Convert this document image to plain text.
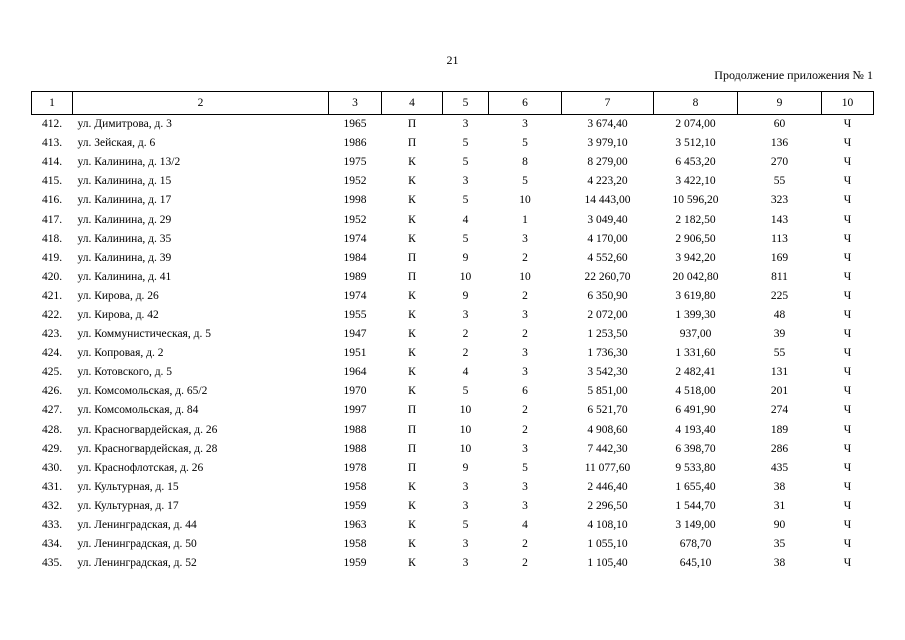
21
Продолжение приложения № 1
1	2	3	4	5	6	7	8	9	10
412.	ул. Димитрова, д. 3	1965	П	3	3	3 674,40	2 074,00	60	Ч
413.	ул. Зейская, д. 6	1986	П	5	5	3 979,10	3 512,10	136	Ч
414.	ул. Калинина, д. 13/2	1975	К	5	8	8 279,00	6 453,20	270	Ч
415.	ул. Калинина, д. 15	1952	К	3	5	4 223,20	3 422,10	55	Ч
416.	ул. Калинина, д. 17	1998	К	5	10	14 443,00	10 596,20	323	Ч
417.	ул. Калинина, д. 29	1952	К	4	1	3 049,40	2 182,50	143	Ч
418.	ул. Калинина, д. 35	1974	К	5	3	4 170,00	2 906,50	113	Ч
419.	ул. Калинина, д. 39	1984	П	9	2	4 552,60	3 942,20	169	Ч
420.	ул. Калинина, д. 41	1989	П	10	10	22 260,70	20 042,80	811	Ч
421.	ул. Кирова, д. 26	1974	К	9	2	6 350,90	3 619,80	225	Ч
422.	ул. Кирова, д. 42	1955	К	3	3	2 072,00	1 399,30	48	Ч
423.	ул. Коммунистическая, д. 5	1947	К	2	2	1 253,50	937,00	39	Ч
424.	ул. Копровая, д. 2	1951	К	2	3	1 736,30	1 331,60	55	Ч
425.	ул. Котовского, д. 5	1964	К	4	3	3 542,30	2 482,41	131	Ч
426.	ул. Комсомольская, д. 65/2	1970	К	5	6	5 851,00	4 518,00	201	Ч
427.	ул. Комсомольская, д. 84	1997	П	10	2	6 521,70	6 491,90	274	Ч
428.	ул. Красногвардейская, д. 26	1988	П	10	2	4 908,60	4 193,40	189	Ч
429.	ул. Красногвардейская, д. 28	1988	П	10	3	7 442,30	6 398,70	286	Ч
430.	ул. Краснофлотская, д. 26	1978	П	9	5	11 077,60	9 533,80	435	Ч
431.	ул. Культурная, д. 15	1958	К	3	3	2 446,40	1 655,40	38	Ч
432.	ул. Культурная, д. 17	1959	К	3	3	2 296,50	1 544,70	31	Ч
433.	ул. Ленинградская, д. 44	1963	К	5	4	4 108,10	3 149,00	90	Ч
434.	ул. Ленинградская, д. 50	1958	К	3	2	1 055,10	678,70	35	Ч
435.	ул. Ленинградская, д. 52	1959	К	3	2	1 105,40	645,10	38	Ч
